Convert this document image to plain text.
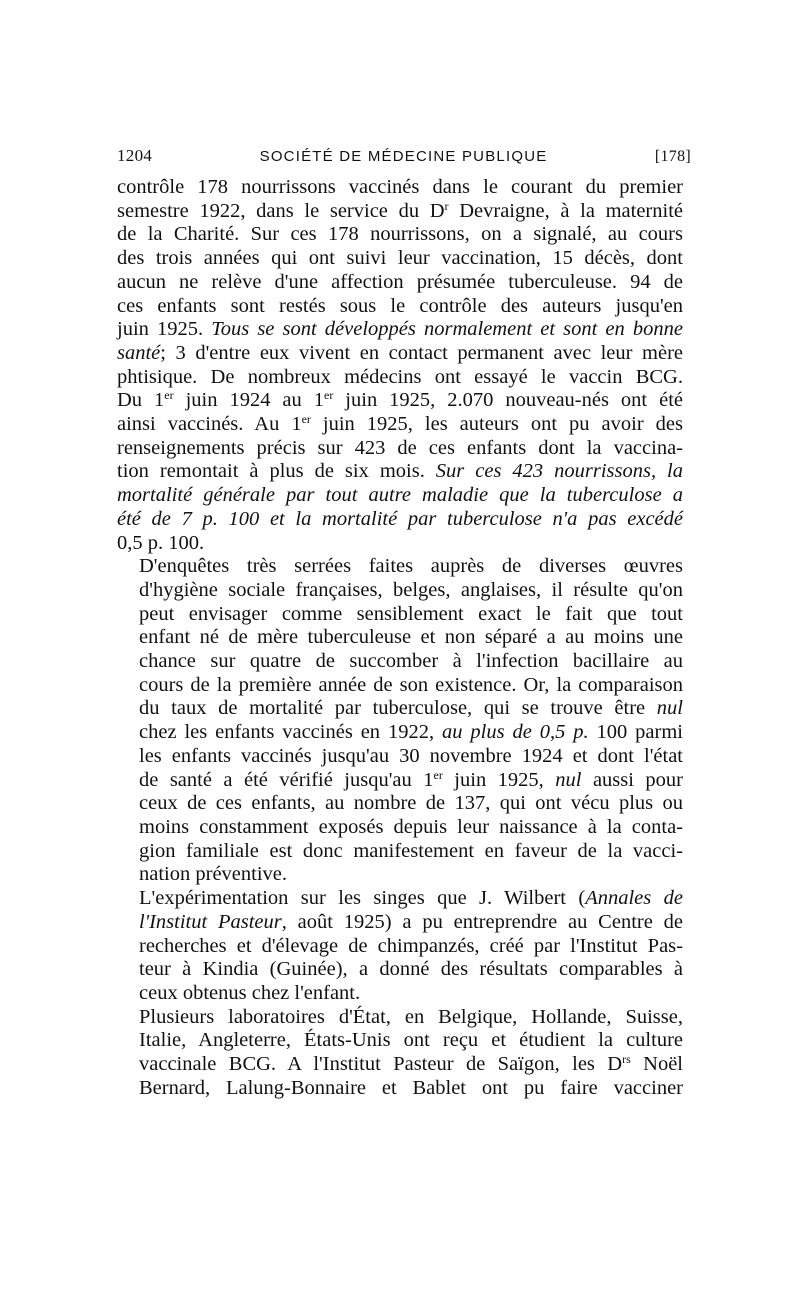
1204	SOCIÉTÉ DE MÉDECINE PUBLIQUE	[178]

contrôle 178 nourrissons vaccinés dans le courant du premier
semestre 1922, dans le service du $D^r$ Devraigne, à la maternité
de la Charité. Sur ces 178 nourrissons, on a signalé, au cours
des trois années qui ont suivi leur vaccination, 15 décès, dont
aucun ne relève d'une affection présumée tuberculeuse. 94 de
ces enfants sont restés sous le contrôle des auteurs jusqu'en
juin 1925. Tous se sont développés normalement et sont en bonne
santé; 3 d'entre eux vivent en contact permanent avec leur mère
phtisique. De nombreux médecins ont essayé le vaccin BCG.
Du 1er juin 1924 au 1er juin 1925, 2.070 nouveau-nés ont été
ainsi vaccinés. Au 1er juin 1925, les auteurs ont pu avoir des
renseignements précis sur 423 de ces enfants dont la vaccina-
tion remontait à plus de six mois. Sur ces 423 nourrissons, la
mortalité générale par tout autre maladie que la tuberculose a
été de 7 p. 100 et la mortalité par tuberculose n'a pas excédé
0,5 p. 100.

D'enquêtes très serrées faites auprès de diverses œuvres
d'hygiène sociale françaises, belges, anglaises, il résulte qu'on
peut envisager comme sensiblement exact le fait que tout
enfant né de mère tuberculeuse et non séparé a au moins une
chance sur quatre de succomber à l'infection bacillaire au
cours de la première année de son existence. Or, la comparaison
du taux de mortalité par tuberculose, qui se trouve être nul
chez les enfants vaccinés en 1922, au plus de 0,5 p. 100 parmi
les enfants vaccinés jusqu'au 30 novembre 1924 et dont l'état
de santé a été vérifié jusqu'au 1er juin 1925, nul aussi pour
ceux de ces enfants, au nombre de 137, qui ont vécu plus ou
moins constamment exposés depuis leur naissance à la conta-
gion familiale est donc manifestement en faveur de la vacci-
nation préventive.

L'expérimentation sur les singes que J. Wilbert (Annales de
l'Institut Pasteur, août 1925) a pu entreprendre au Centre de
recherches et d'élevage de chimpanzés, créé par l'Institut Pas-
teur à Kindia (Guinée), a donné des résultats comparables à
ceux obtenus chez l'enfant.

Plusieurs laboratoires d'État, en Belgique, Hollande, Suisse,
Italie, Angleterre, États-Unis ont reçu et étudient la culture
vaccinale BCG. A l'Institut Pasteur de Saïgon, les $D^{rs}$ Noël
Bernard, Lalung-Bonnaire et Bablet ont pu faire vacciner
